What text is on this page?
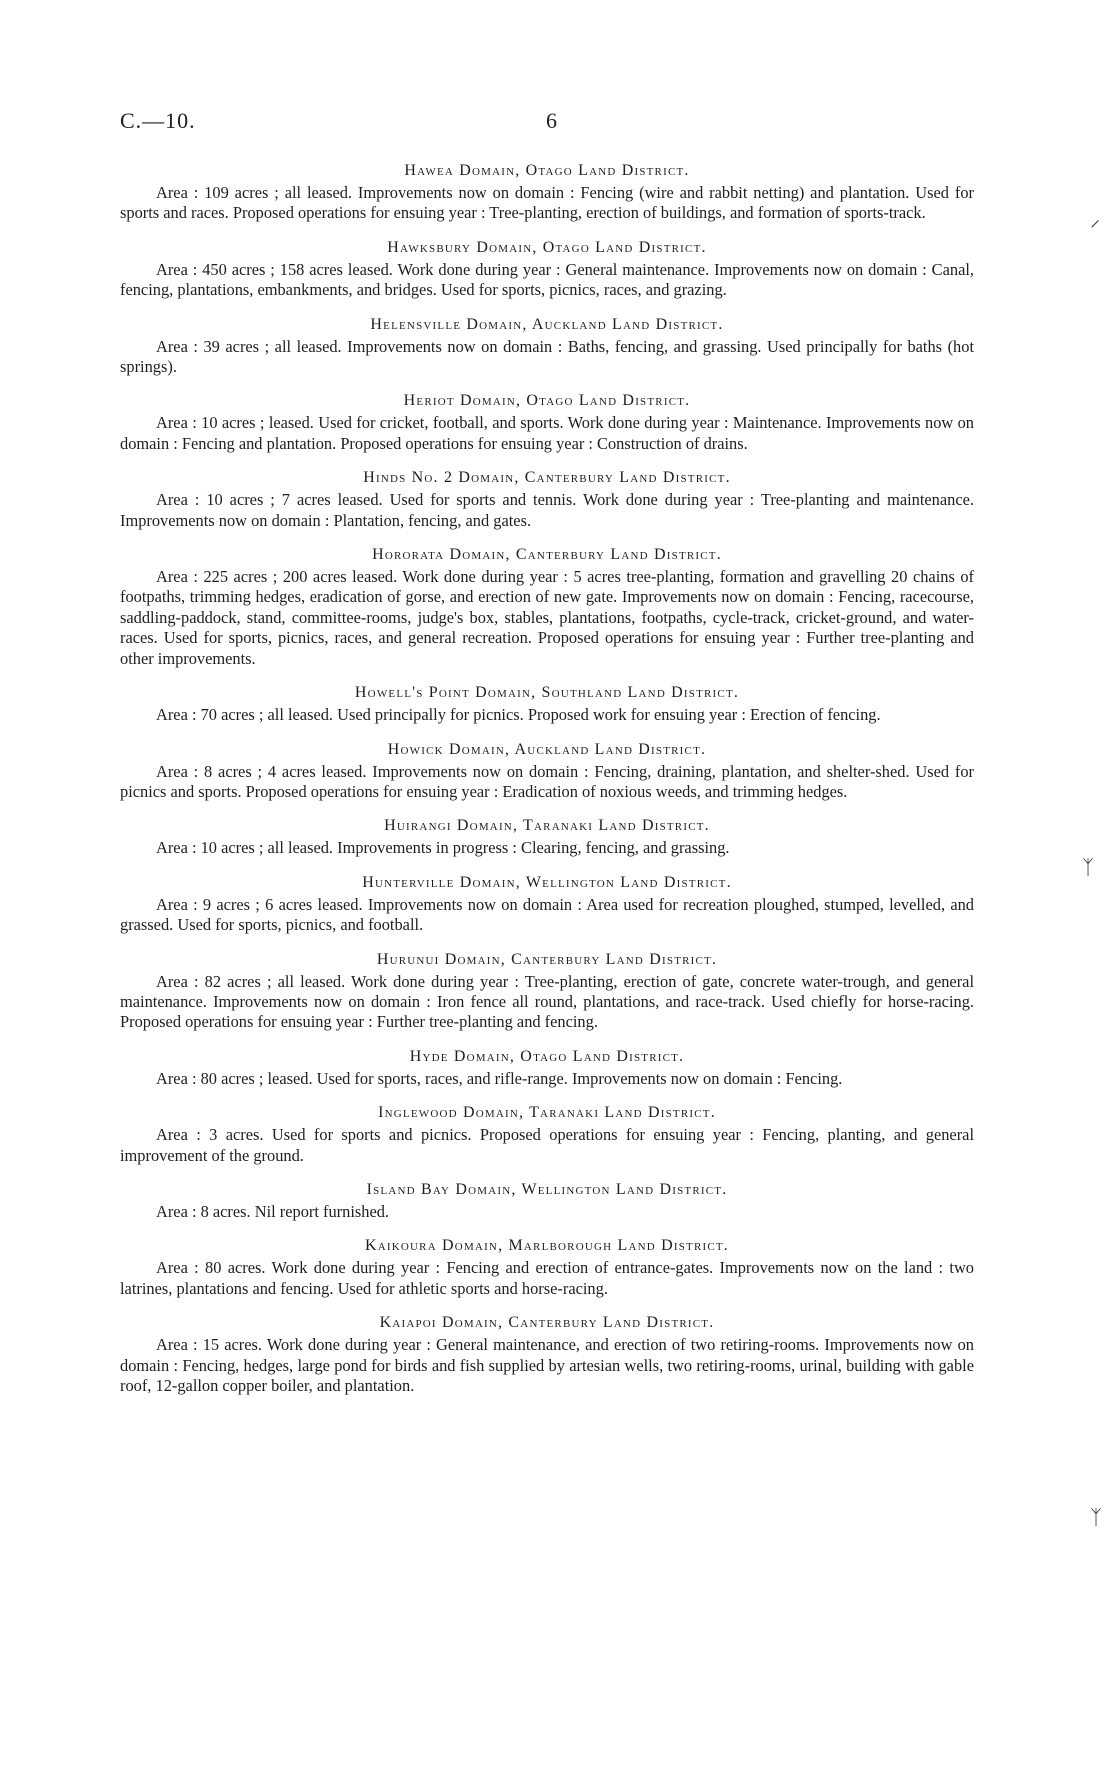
C.—10.	6
⸝
ᛉ
ᛉ
Hawea Domain, Otago Land District.

Area : 109 acres ; all leased. Improvements now on domain : Fencing (wire and rabbit netting) and plantation. Used for sports and races. Proposed operations for ensuing year : Tree-planting, erection of buildings, and formation of sports-track.

Hawksbury Domain, Otago Land District.

Area : 450 acres ; 158 acres leased. Work done during year : General maintenance. Improvements now on domain : Canal, fencing, plantations, embankments, and bridges. Used for sports, picnics, races, and grazing.

Helensville Domain, Auckland Land District.

Area : 39 acres ; all leased. Improvements now on domain : Baths, fencing, and grassing. Used principally for baths (hot springs).

Heriot Domain, Otago Land District.

Area : 10 acres ; leased. Used for cricket, football, and sports. Work done during year : Maintenance. Improvements now on domain : Fencing and plantation. Proposed operations for ensuing year : Construction of drains.

Hinds No. 2 Domain, Canterbury Land District.

Area : 10 acres ; 7 acres leased. Used for sports and tennis. Work done during year : Tree-planting and maintenance. Improvements now on domain : Plantation, fencing, and gates.

Hororata Domain, Canterbury Land District.

Area : 225 acres ; 200 acres leased. Work done during year : 5 acres tree-planting, formation and gravelling 20 chains of footpaths, trimming hedges, eradication of gorse, and erection of new gate. Improvements now on domain : Fencing, racecourse, saddling-paddock, stand, committee-rooms, judge's box, stables, plantations, footpaths, cycle-track, cricket-ground, and water-races. Used for sports, picnics, races, and general recreation. Proposed operations for ensuing year : Further tree-planting and other improvements.

Howell's Point Domain, Southland Land District.

Area : 70 acres ; all leased. Used principally for picnics. Proposed work for ensuing year : Erection of fencing.

Howick Domain, Auckland Land District.

Area : 8 acres ; 4 acres leased. Improvements now on domain : Fencing, draining, plantation, and shelter-shed. Used for picnics and sports. Proposed operations for ensuing year : Eradication of noxious weeds, and trimming hedges.

Huirangi Domain, Taranaki Land District.

Area : 10 acres ; all leased. Improvements in progress : Clearing, fencing, and grassing.

Hunterville Domain, Wellington Land District.

Area : 9 acres ; 6 acres leased. Improvements now on domain : Area used for recreation ploughed, stumped, levelled, and grassed. Used for sports, picnics, and football.

Hurunui Domain, Canterbury Land District.

Area : 82 acres ; all leased. Work done during year : Tree-planting, erection of gate, concrete water-trough, and general maintenance. Improvements now on domain : Iron fence all round, plantations, and race-track. Used chiefly for horse-racing. Proposed operations for ensuing year : Further tree-planting and fencing.

Hyde Domain, Otago Land District.

Area : 80 acres ; leased. Used for sports, races, and rifle-range. Improvements now on domain : Fencing.

Inglewood Domain, Taranaki Land District.

Area : 3 acres. Used for sports and picnics. Proposed operations for ensuing year : Fencing, planting, and general improvement of the ground.

Island Bay Domain, Wellington Land District.

Area : 8 acres. Nil report furnished.

Kaikoura Domain, Marlborough Land District.

Area : 80 acres. Work done during year : Fencing and erection of entrance-gates. Improvements now on the land : two latrines, plantations and fencing. Used for athletic sports and horse-racing.

Kaiapoi Domain, Canterbury Land District.

Area : 15 acres. Work done during year : General maintenance, and erection of two retiring-rooms. Improvements now on domain : Fencing, hedges, large pond for birds and fish supplied by artesian wells, two retiring-rooms, urinal, building with gable roof, 12-gallon copper boiler, and plantation.
